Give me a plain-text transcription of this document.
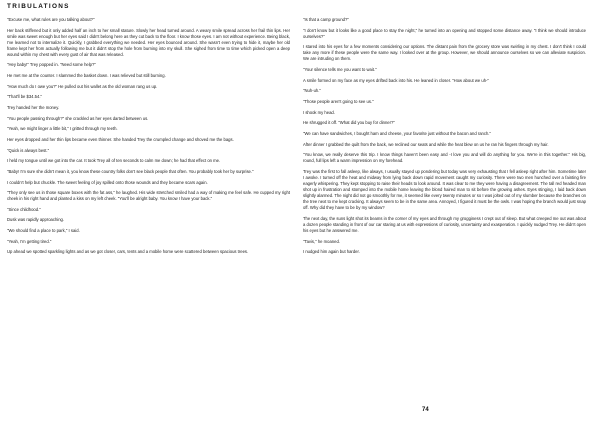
TRIBULATIONS

"Excuse me, what rules are you talking about?"

Her back stiffened but it only added half an inch to her small stature. Slowly her head turned around. A weary smile spread across her frail thin lips. Her smile was sweet enough but her eyes said I didn't belong here as they cut back to the floor. I know those eyes. I am not without experience. Being black, I've learned not to internalize it. Quickly, I grabbed everything we needed. Her eyes bounced around. She wasn't even trying to hide it, maybe her old frame kept her from actually following me but it didn't stop the hole from burning into my skull. She sighed from time to time which picked open a deep wound within my chest with every gust of air that was released.

"Hey baby!" Trey popped in. "Need some help?"

He met me at the counter. I slammed the basket down. I was relieved but still burning.

"How much do I owe you?" He pulled out his wallet as the old woman rang us up.

"That'll be $34.54."

Trey handed her the money.

"You people passing through?" she crackled as her eyes darted between us.

"Yeah, we might linger a little bit," I gritted through my teeth.

Her eyes dropped and her thin lips became even thinner. She handed Trey the crumpled change and shoved me the bags.

"Quick is always best."

I held my tongue until we got into the car. It took Trey all of ten seconds to calm me down; he had that effect on me.

"Baby! I'm sure she didn't mean it, you know these country folks don't see black people that often. You probably took her by surprise."

I couldn't help but chuckle. The sweet feeling of joy spilled onto those wounds and they became scars again.

"They only see us in those square boxes with the fat ass," he laughed. His wide stretched smiled had a way of making me feel safe. He cupped my right cheek in his right hand and planted a kiss on my left cheek. "You'll be alright baby. You know I have your back."

"Since childhood."

Dusk was rapidly approaching.

"We should find a place to park," I said.

"Yeah, I'm getting tired."

Up ahead we spotted sparkling lights and as we got closer, cars, tents and a mobile home were scattered between spacious trees.

"Is that a camp ground?"

"I don't know but it looks like a good place to stay the night," he turned into an opening and stopped some distance away. "I think we should introduce ourselves?"

I stared into his eyes for a few moments considering our options. The distant pain from the grocery store was swirling in my chest. I don't think I could take any more if these people were the same way. I looked over at the group. However, we should announce ourselves so we can alleviate suspicion. We are intruding on them.

"Your silence tells me you want to wait."

A smile formed on my face as my eyes drifted back into his. He leaned in closer. "How about we uh-"

"Nuh-uh."

"Those people aren't going to see us."

I shook my head.

He shrugged it off. "What did you buy for dinner?"

"We can have sandwiches, I bought ham and cheese, your favorite just without the bacon and ranch."

After dinner I grabbed the quilt from the back, we reclined our seats and while the heat blew on us he ran his fingers through my hair.

"You know, we really deserve this trip. I know things haven't been easy and -I love you and will do anything for you. We're in this together." His big, round, full lips left a warm impression on my forehead.

Trey was the first to fall asleep, like always, I usually stayed up pondering but today was very exhausting that I fell asleep right after him. Sometime later I awoke. I turned off the heat and midway from lying back down rapid movement caught my curiosity. There were two men hunched over a fainting fire eagerly whispering. They kept stopping to raise their heads to look around. It was clear to me they were having a disagreement. The tall red headed man shot up in frustration and stomped into the mobile home leaving the blond haired man to sit before the growing ashes. Eyes stinging, I laid back down slightly alarmed. The night did not go smoothly for me, it seemed like every twenty minutes or so I was jolted out of my slumber because the branches on the tree next to me kept cracking. It always seem to be in the same area. Annoyed, I figured it must be the owls. I was hoping the branch would just snap off. Why did they have to be by my window?

The next day, the suns light shot its beams in the corner of my eyes and through my grogginess I crept out of sleep. But what creeped me out was about a dozen people standing in front of our car staring at us with expressions of curiosity, uncertainty and exasperation. I quickly nudged Trey. He didn't open his eyes but he answered me.

"Tavis," he moaned.

I nudged him again but harder.

74
